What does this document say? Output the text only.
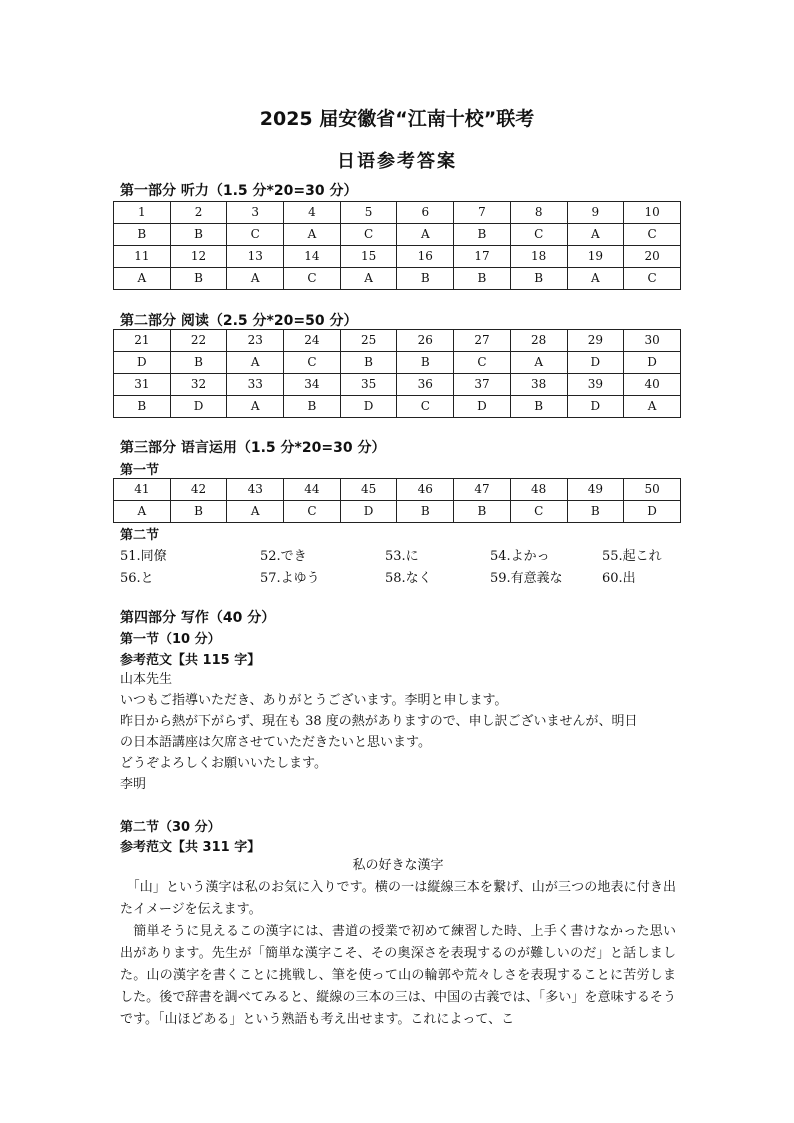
2025 届安徽省“江南十校”联考
日语参考答案
第一部分 听力（1.5 分*20=30 分）
1	2	3	4	5	6	7	8	9	10
B	B	C	A	C	A	B	C	A	C
11	12	13	14	15	16	17	18	19	20
A	B	A	C	A	B	B	B	A	C
第二部分 阅读（2.5 分*20=50 分）
21	22	23	24	25	26	27	28	29	30
D	B	A	C	B	B	C	A	D	D
31	32	33	34	35	36	37	38	39	40
B	D	A	B	D	C	D	B	D	A
第三部分 语言运用（1.5 分*20=30 分）
第一节
41	42	43	44	45	46	47	48	49	50
A	B	A	C	D	B	B	C	B	D
第二节
51.同僚	52.でき	53.に	54.よかっ	55.起これ
56.と	57.よゆう	58.なく	59.有意義な	60.出
第四部分 写作（40 分）
第一节（10 分）
参考范文【共 115 字】

山本先生

いつもご指導いただき、ありがとうございます。李明と申します。

昨日から熱が下がらず、現在も 38 度の熱がありますので、申し訳ございませんが、明日

の日本語講座は欠席させていただきたいと思います。

どうぞよろしくお願いいたします。

李明

第二节（30 分）
参考范文【共 311 字】

私の好きな漢字

　「山」という漢字は私のお気に入りです。横の一は縦線三本を繋げ、山が三つの地表に付き出たイメージを伝えます。

　簡単そうに見えるこの漢字には、書道の授業で初めて練習した時、上手く書けなかった思い出があります。先生が「簡単な漢字こそ、その奥深さを表現するのが難しいのだ」と話しました。山の漢字を書くことに挑戦し、筆を使って山の輪郭や荒々しさを表現することに苦労しました。後で辞書を調べてみると、縦線の三本の三は、中国の古義では、「多い」を意味するそうです。「山ほどある」という熟語も考え出せます。これによって、こ
